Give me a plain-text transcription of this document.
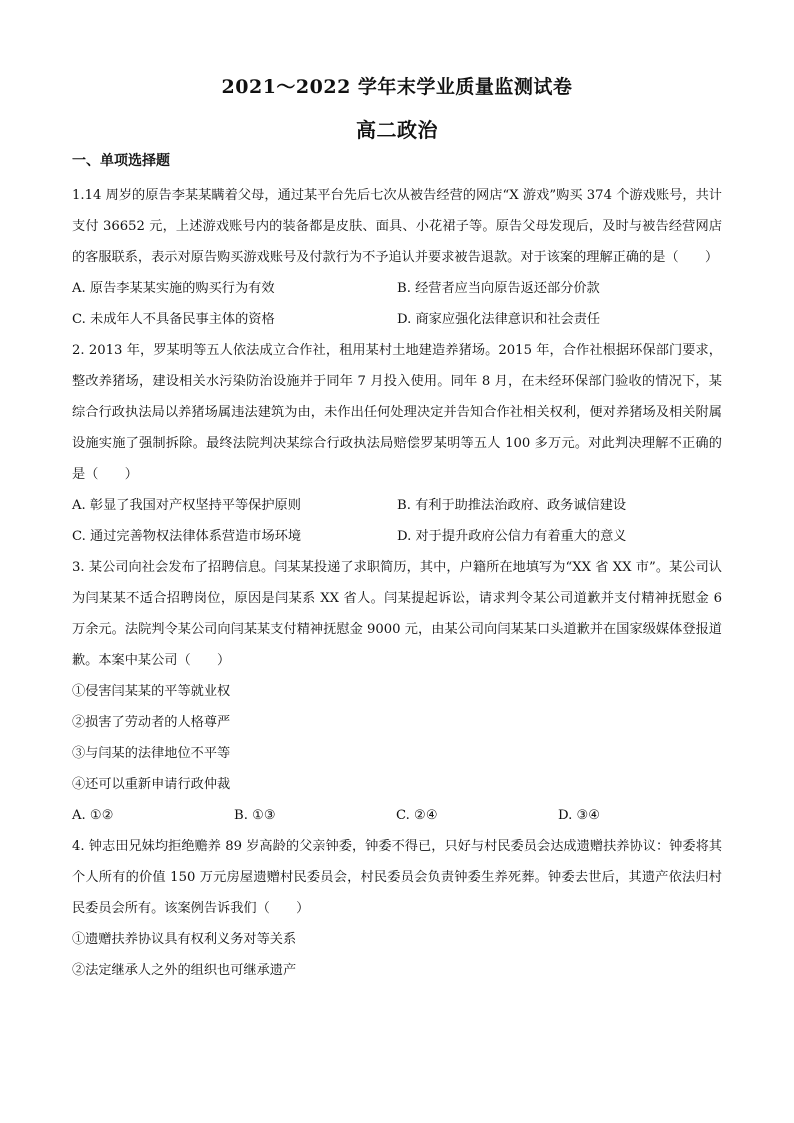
2021～2022 学年末学业质量监测试卷
高二政治
一、单项选择题

1.14 周岁的原告李某某瞒着父母，通过某平台先后七次从被告经营的网店“X 游戏”购买 374 个游戏账号，共计支付 36652 元，上述游戏账号内的装备都是皮肤、面具、小花裙子等。原告父母发现后，及时与被告经营网店的客服联系，表示对原告购买游戏账号及付款行为不予追认并要求被告退款。对于该案的理解正确的是（　　）

A. 原告李某某实施的购买行为有效	B. 经营者应当向原告返还部分价款
C. 未成年人不具备民事主体的资格	D. 商家应强化法律意识和社会责任

2. 2013 年，罗某明等五人依法成立合作社，租用某村土地建造养猪场。2015 年，合作社根据环保部门要求，整改养猪场，建设相关水污染防治设施并于同年 7 月投入使用。同年 8 月，在未经环保部门验收的情况下，某综合行政执法局以养猪场属违法建筑为由，未作出任何处理决定并告知合作社相关权利，便对养猪场及相关附属设施实施了强制拆除。最终法院判决某综合行政执法局赔偿罗某明等五人 100 多万元。对此判决理解不正确的是（　　）

A. 彰显了我国对产权坚持平等保护原则	B. 有利于助推法治政府、政务诚信建设
C. 通过完善物权法律体系营造市场环境	D. 对于提升政府公信力有着重大的意义

3. 某公司向社会发布了招聘信息。闫某某投递了求职简历，其中，户籍所在地填写为“XX 省 XX 市”。某公司认为闫某某不适合招聘岗位，原因是闫某系 XX 省人。闫某提起诉讼，请求判令某公司道歉并支付精神抚慰金 6 万余元。法院判令某公司向闫某某支付精神抚慰金 9000 元，由某公司向闫某某口头道歉并在国家级媒体登报道歉。本案中某公司（　　）

①侵害闫某某的平等就业权
②损害了劳动者的人格尊严
③与闫某的法律地位不平等
④还可以重新申请行政仲裁
A. ①②	B. ①③	C. ②④	D. ③④

4. 钟志田兄妹均拒绝赡养 89 岁高龄的父亲钟委，钟委不得已，只好与村民委员会达成遗赠扶养协议：钟委将其个人所有的价值 150 万元房屋遗赠村民委员会，村民委员会负责钟委生养死葬。钟委去世后，其遗产依法归村民委员会所有。该案例告诉我们（　　）

①遗赠扶养协议具有权利义务对等关系
②法定继承人之外的组织也可继承遗产
